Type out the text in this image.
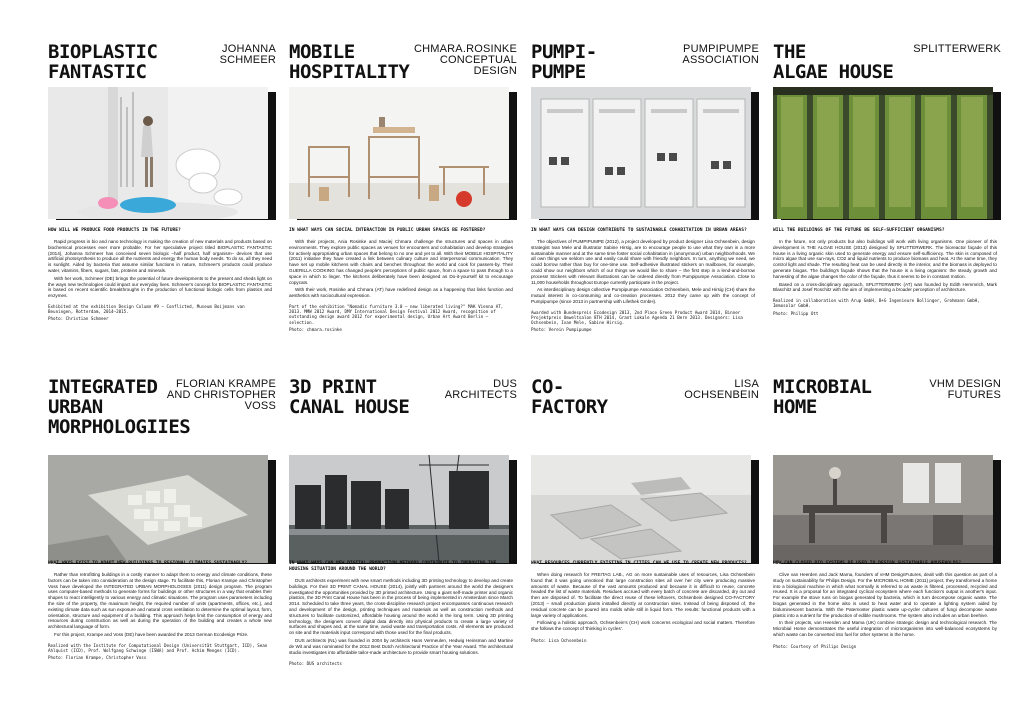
BIOPLASTIC
FANTASTIC
JOHANNA
SCHMEER

HOW WILL WE PRODUCE FOOD PRODUCTS IN THE FUTURE?

Rapid progress in bio and nano technology is making the creation of new materials and products based on biochemical processes ever more probable. For her speculative project titled BIOPLASTIC FANTASTIC (2014), Johanna Schmeer has conceived seven biologic –half product, half organism– devices that use artificial photosynthesis to produce all the nutrients and energy the human body needs. To do so, all they need is sunlight. Aided by bacteria that assume similar functions in nature, Schmeer's products could produce water, vitamins, fibers, sugars, fats, proteins and minerals.

With her work, Schmeer (DE) brings the potential of future developments to the present and sheds light on the ways new technologies could impact our everyday lives. Schmeer's concept for BIOPLASTIC FANTASTIC is based on recent scientific breakthroughs in the production of functional biologic cells from plastics and enzymes.

Exhibited at the exhibition Design Column #9 – Conflicted, Museum Boijmans van Beuningen, Rotterdam, 2014–2015.

Photo: Christian Schmeer

MOBILE
HOSPITALITY
CHMARA.ROSINKE
CONCEPTUAL
DESIGN

IN WHAT WAYS CAN SOCIAL INTERACTION IN PUBLIC URBAN SPACES BE FOSTERED?

With their projects, Ania Rosinke and Maciej Chmara challenge the structures and spaces in urban environments. They explore public spaces as venues for encounters and cohabitation and develop strategies for actively appropriating urban spaces that belong to no one and yet to all. With their MOBILE HOSPITALITY (2011) initiative they have created a link between culinary culture and interpersonal communication. They have set up mobile kitchens with chairs and benches throughout the world and cook for passers-by. Their GUERILLA COOKING has changed people's perceptions of public space, from a space to pass through to a space in which to linger. The kitchens deliberately have been designed as Do-it-yourself kit to encourage copycats.

With their work, Rosinke and Chmara (AT) have redefined design as a happening that links function and aesthetics with sociocultural expression.

Part of the exhibition "Nomadic furniture 3.0 – new liberated living?" MAK Vienna AT, 2013. MMW 2012 Award, DMY International Design Festival 2012 Award, recognition of outstanding design award 2012 for experimental design, Urban Art Award Berlin – selection.

Photo: chmara.rosinke

PUMPI-
PUMPE
PUMPIPUMPE
ASSOCIATION

IN WHAT WAYS CAN DESIGN CONTRIBUTE TO SUSTAINABLE COHABITATION IN URBAN AREAS?

The objectives of PUMPIPUMPE (2012), a project developed by product designer Lisa Ochsenbein, design strategist Ivan Mele and illustrator Sabine Hirsig, are to encourage people to use what they own in a more sustainable manner and at the same time foster social cohabitation in (anonymous) urban neighborhoods. We all own things we seldom use and easily could share with friendly neighbors. In turn, anything we need, we could borrow rather than buy for one-time use. Self-adhesive illustrated stickers on mailboxes, for example, could show our neighbors which of our things we would like to share – the first step in a lend-and-borrow process! Stickers with relevant illustrations can be ordered directly from Pumpipumpe Association. Close to 11,000 households throughout Europe currently participate in the project.

As interdisciplinary design collective Pumpipumpe Association Ochsenbein, Mele and Hirsig (CH) share the mutual interest in co-consuming and co-creation processes. 2012 they came up with the concept of Pumpipumpe (since 2013 in partnership with Lifethek GmbH).

Awarded with Bundespreis Ecodesign 2013, 2nd Place Green Product Award 2014, Binner Projektpreis Umweltsalon 8TH 2014, Grant Lokale Agenda 21 Bern 2013. Designers: Lisa Ochsenbein, Ivan Mele, Sabine Hirsig.

Photo: Verein Pumpipumpe

THE
ALGAE HOUSE
SPLITTERWERK

WILL THE BUILDINGS OF THE FUTURE BE SELF-SUFFICIENT ORGANISMS?

In the future, not only products but also buildings will work with living organisms. One pioneer of this development is THE ALGAE HOUSE (2013) designed by SPLITTERWERK. The bioreactor façade of this house is a living organic skin used to generate energy and ensure self-sufficiency. The skin is composed of micro algae that use sun-rays, CO2 and liquid nutrients to produce biomass and heat. At the same time, they control light and shade. The resulting heat can be used directly in the interior, and the biomass is deployed to generate biogas. The building's façade shows that the house is a living organism: the steady growth and harvesting of the algae changes the color of the façade, thus it seems to be in constant motion.

Based on a cross-disciplinary approach, SPLITTERWERK (AT) was founded by Edith Hemmrich, Mark Blaschitz and Josef Roschitz with the aim of implementing a broader perception of architecture.

Realized in collaboration with Arup GmbH, B+G Ingenieure Bollinger, Grohmann GmbH, Immosolar GmbH.

Photo: Philipp Ott

INTEGRATED
URBAN
MORPHOLOGIIES
FLORIAN KRAMPE
AND CHRISTOPHER
VOSS

WHAT WAYS EXIST TO ADAPT NEW BUILDINGS TO REGIONAL CLIMATES SUSTAINABLY?

Rather than retrofitting buildings in a costly manner to adapt them to energy and climate conditions, these factors can be taken into consideration at the design stage. To facilitate this, Florian Krampe and Christopher Voss have developed the INTEGRATED URBAN MORPHOLOGIES (2011) design program. The program uses computer-based methods to generate forms for buildings or other structures in a way that enables their shapes to react intelligently to various energy and climatic situations. The program uses parameters including the size of the property, the maximum height, the required number of units (apartments, offices, etc.), and existing climate data such as sun exposure and natural cross ventilation to determine the optimal layout, form, orientation, structure and equipment of a building. This approach helps limit the consumption of energy and resources during construction as well as during the operation of the building and creates a whole new architectural language of form.

For this project, Krampe and Voss (DE) have been awarded the 2013 German Ecodesign Prize.

Realized with the Institute for Computational Design (Universität Stuttgart, ICD), Sean Ahlquist (ICD), Prof. Wolfgang Schwinge (ISWA) and Prof. Achim Menges (ICD).

Photo: Florian Krampe, Christopher Voss

3D PRINT
CANAL HOUSE
DUS
ARCHITECTS

IN WHAT WAYS CAN NEW DIGITAL PRODUCTION METHODS CONTRIBUTE TO IMPROVING THE HOUSING SITUATION AROUND THE WORLD?

DUS architects experiment with new smart methods including 3D printing technology to develop and create buildings. For their 3D PRINT CANAL HOUSE (2014), jointly with partners around the world the designers investigated the opportunities provided by 3D printed architecture. Using a giant self-made printer and organic plastics, the 3D Print Canal House has been in the process of being implemented in Amsterdam since March 2014. Scheduled to take three years, the cross-discipline research project encompasses continuous research and development of the design, printing techniques and materials as well as construction methods and structures to facilitate customized, affordable housing around the world in the long term. Using 3D printing technology, the designers convert digital data directly into physical products to create a large variety of surfaces and shapes and, at the same time, avoid waste and transportation costs. All elements are produced on site and the materials input correspond with those used for the final products.

DUS architects (NL) was founded in 2004 by architects Hans Vermeulen, Hedwig Heinsman and Martine de Wit and was nominated for the 2012 Best Dutch Architectural Practice of the Year Award. The architectural studio investigates into affordable tailor-made architecture to provide smart housing solutions.

Photo: DUS architects

CO-
FACTORY
LISA
OCHSENBEIN

WHAT RESOURCES CURRENTLY EXISTING IN CITIES CAN WE USE TO CREATE NEW PRODUCTS?

When doing research for FREITAG LAB., AG on more sustainable uses of resources, Lisa Ochsenbein found that it was going unnoticed that large construction sites all over her city were producing massive amounts of waste. Because of the vast amounts produced and because it is difficult to reuse, concrete headed the list of waste materials. Residues accrued with every batch of concrete are discarded, dry out and then are disposed of. To facilitate the direct reuse of these leftovers, Ochsenbein designed CO-FACTORY (2013) – small production plants installed directly at construction sites. Instead of being disposed of, the residual concrete can be poured into molds while still in liquid form. The results: functional products with a large variety of applications.

Following a holistic approach, Ochsenbein's (CH) work concerns ecological and social matters. Therefore she follows the concept of 'thinking in cycles'.

Photo: Lisa Ochsenbein

MICROBIAL
HOME
VHM DESIGN
FUTURES

HOW CAN CLOSED BIO SYSTEMS BE USED TO DESIGN SUSTAINABLE HOUSEHOLDS?

Clive van Heerden and Jack Mama, founders of vHM DesignFutures, dealt with this question as part of a study on sustainability for Philips Design. For the MICROBIAL HOME (2011) project, they transformed a home into a biological machine in which what normally is referred to as waste is filtered, processed, recycled and reused. It is a proposal for an integrated cyclical ecosystem where each function's output is another's input. For example the stove runs on biogas generated by bacteria, which in turn decompose organic waste. The biogas generated in the home also is used to heat water and to operate a lighting system aided by bioluminescent bacteria. With the Paternoster plastic waste up-cycler cultures of fungi decompose waste plastic into a nutrient for the production of edible mushrooms. The system also includes an urban beehive.

In their projects, van Heerden and Mama (UK) combine strategic design and technological research. The Microbial Home demonstrates the useful integration of microorganisms into well-balanced ecosystems by which waste can be converted into fuel for other systems in the home.

Photo: Courtesy of Philips Design
